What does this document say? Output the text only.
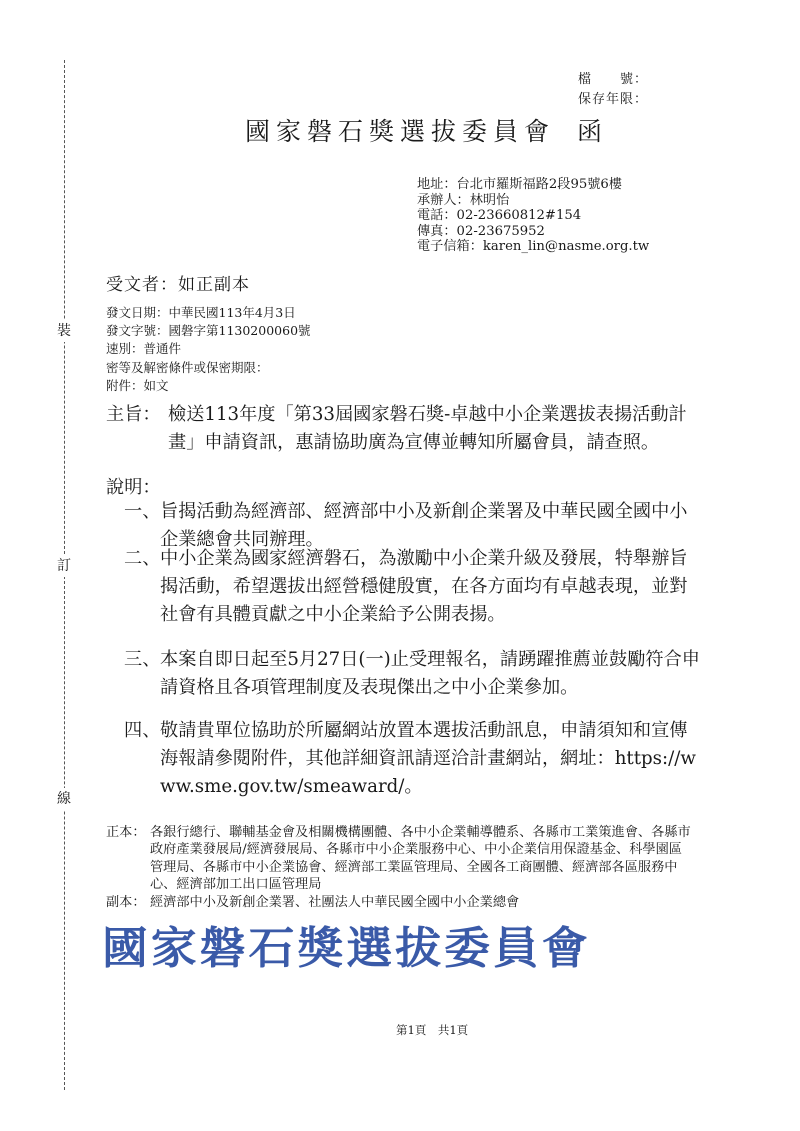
裝
訂
線
檔　　號：
保存年限：
國家磐石獎選拔委員會 函
地址：台北市羅斯福路2段95號6樓
承辦人：林明怡
電話：02-23660812#154
傳真：02-23675952
電子信箱：karen_lin@nasme.org.tw
受文者：如正副本
發文日期：中華民國113年4月3日
發文字號：國磐字第1130200060號
速別：普通件
密等及解密條件或保密期限：
附件：如文
主旨： 檢送113年度「第33屆國家磐石獎-卓越中小企業選拔表揚活動計畫」申請資訊，惠請協助廣為宣傳並轉知所屬會員，請查照。
說明：
一、 旨揭活動為經濟部、經濟部中小及新創企業署及中華民國全國中小企業總會共同辦理。
二、 中小企業為國家經濟磐石，為激勵中小企業升級及發展，特舉辦旨揭活動，希望選拔出經營穩健殷實，在各方面均有卓越表現，並對社會有具體貢獻之中小企業給予公開表揚。
三、 本案自即日起至5月27日(一)止受理報名，請踴躍推薦並鼓勵符合申請資格且各項管理制度及表現傑出之中小企業參加。
四、 敬請貴單位協助於所屬網站放置本選拔活動訊息，申請須知和宣傳海報請參閱附件，其他詳細資訊請逕洽計畫網站，網址：https://www.sme.gov.tw/smeaward/。
正本： 各銀行總行、聯輔基金會及相關機構團體、各中小企業輔導體系、各縣市工業策進會、各縣市政府產業發展局/經濟發展局、各縣市中小企業服務中心、中小企業信用保證基金、科學園區管理局、各縣市中小企業協會、經濟部工業區管理局、全國各工商團體、經濟部各區服務中心、經濟部加工出口區管理局
副本： 經濟部中小及新創企業署、社團法人中華民國全國中小企業總會
國家磐石獎選拔委員會
第1頁　共1頁
